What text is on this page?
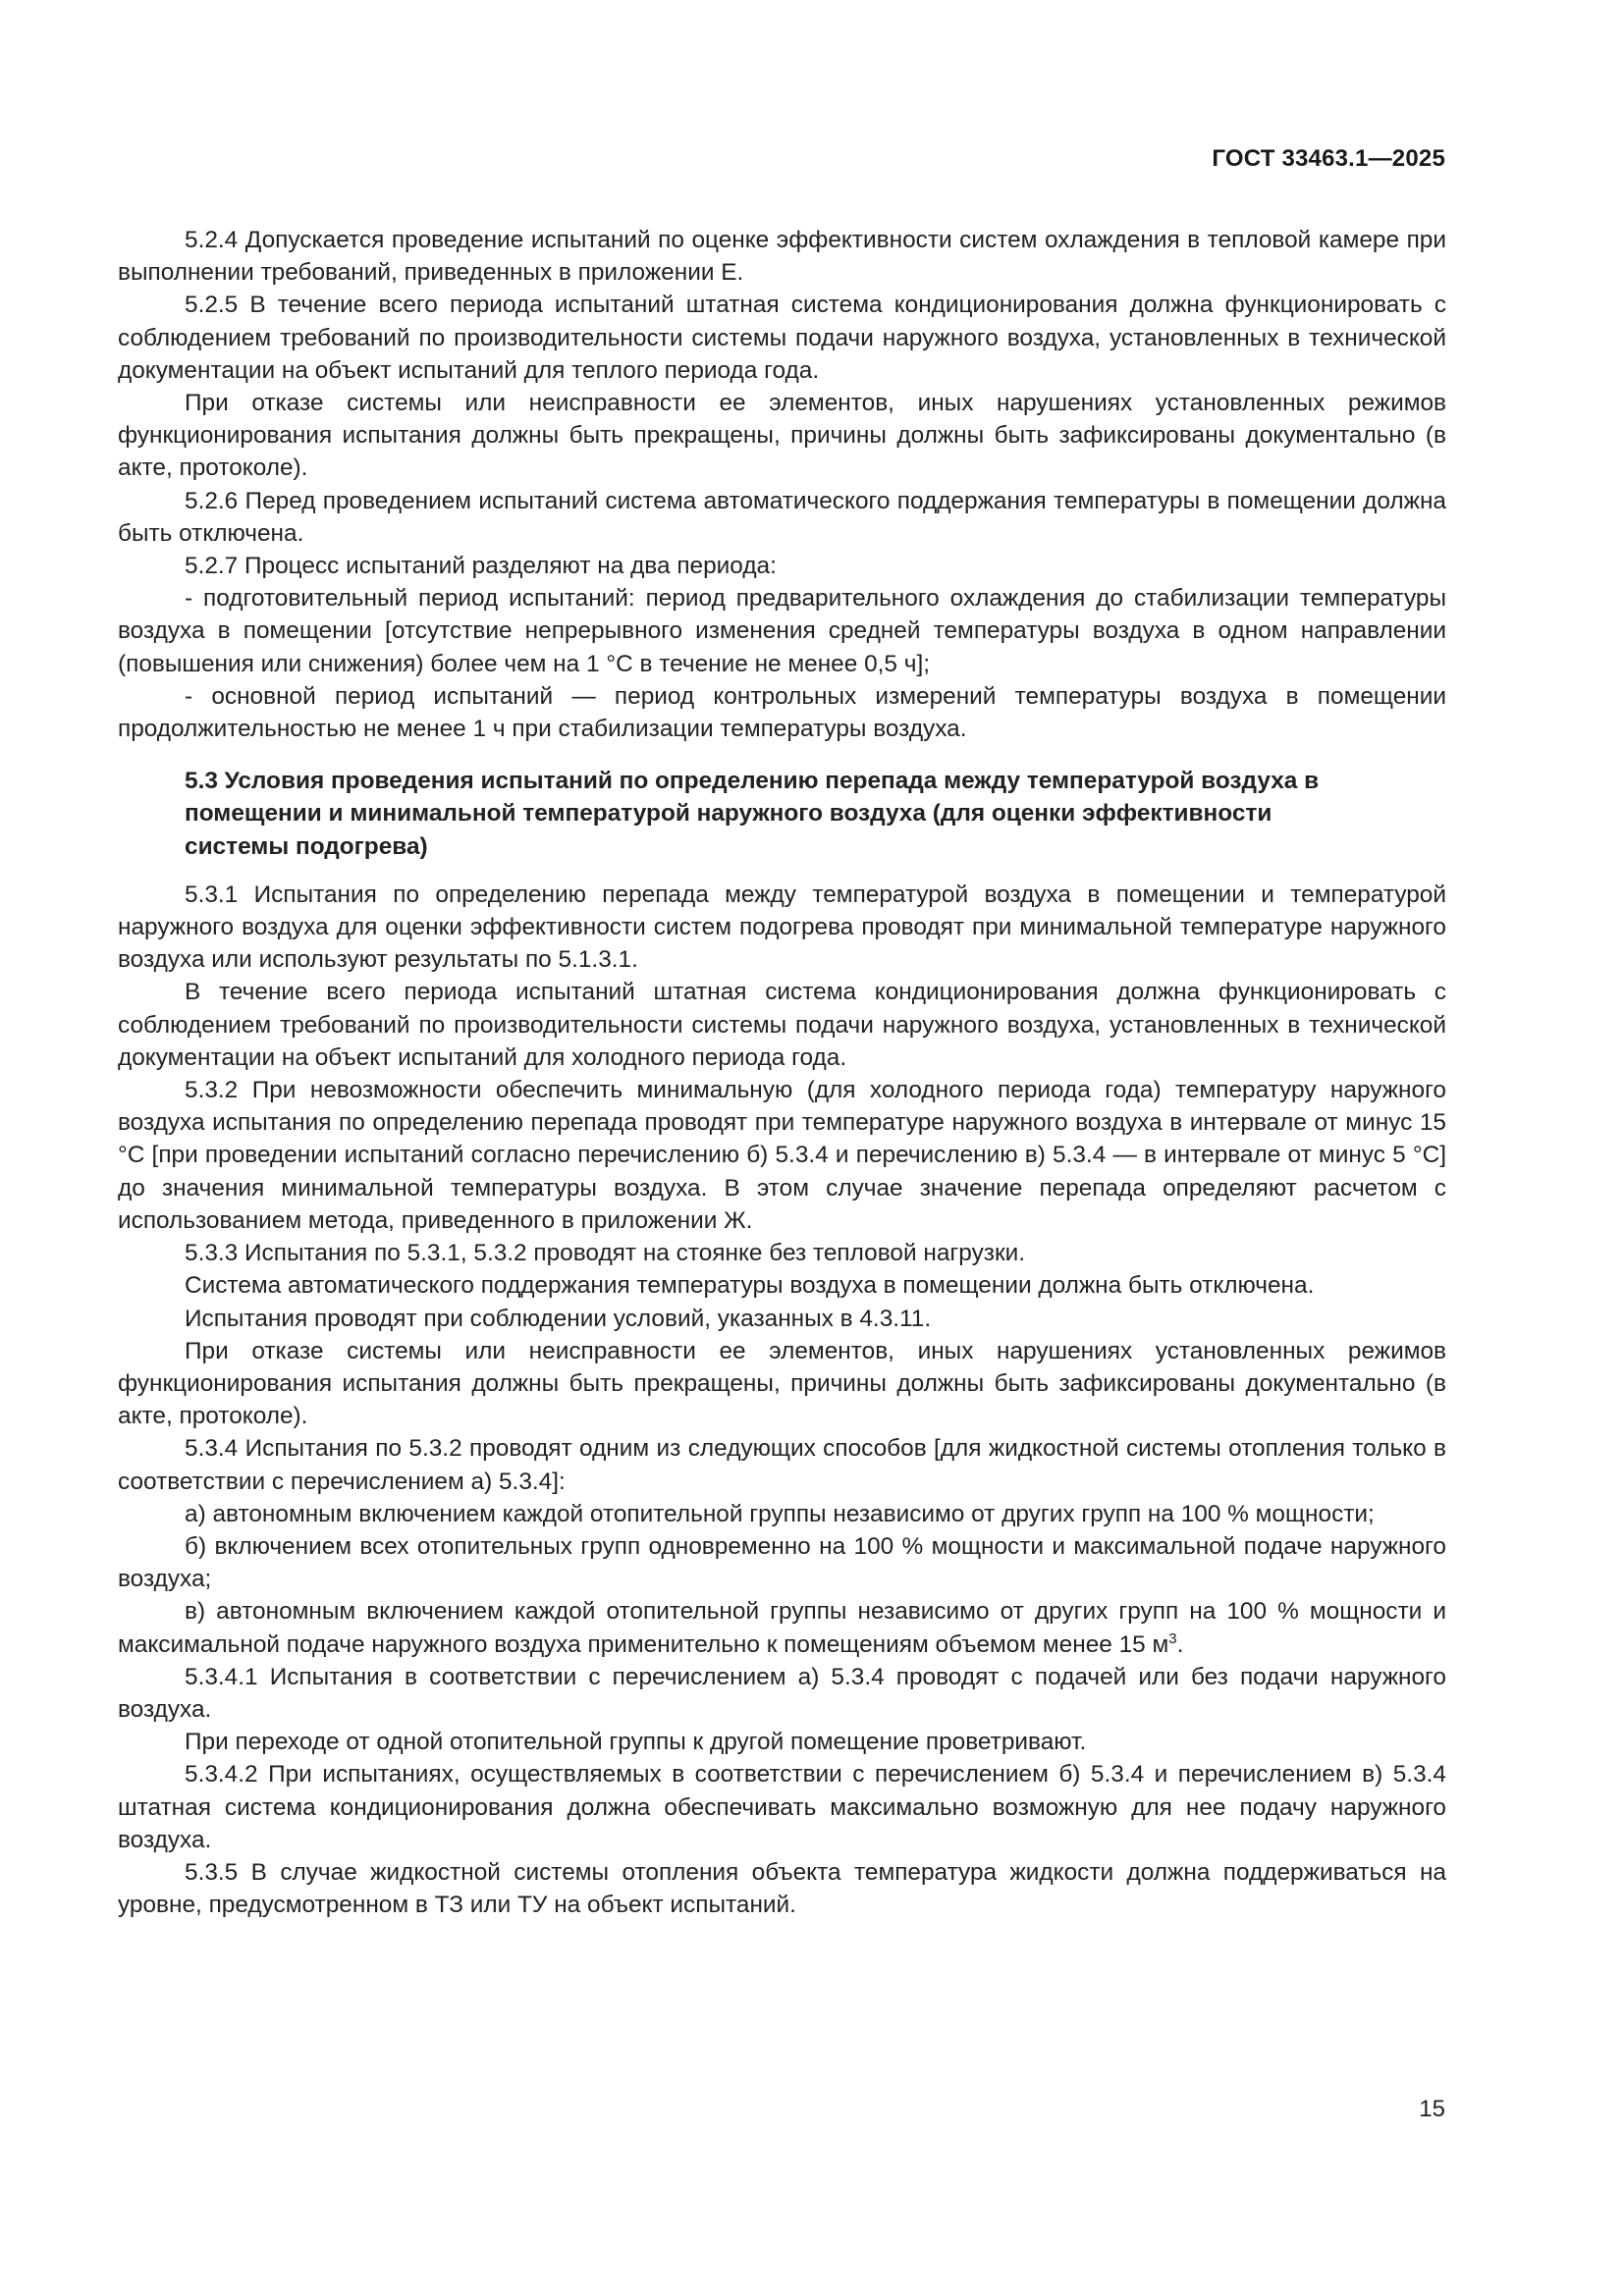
ГОСТ 33463.1—2025

5.2.4 Допускается проведение испытаний по оценке эффективности систем охлаждения в тепловой камере при выполнении требований, приведенных в приложении Е.

5.2.5 В течение всего периода испытаний штатная система кондиционирования должна функционировать с соблюдением требований по производительности системы подачи наружного воздуха, установленных в технической документации на объект испытаний для теплого периода года.

При отказе системы или неисправности ее элементов, иных нарушениях установленных режимов функционирования испытания должны быть прекращены, причины должны быть зафиксированы документально (в акте, протоколе).

5.2.6 Перед проведением испытаний система автоматического поддержания температуры в помещении должна быть отключена.

5.2.7 Процесс испытаний разделяют на два периода:

- подготовительный период испытаний: период предварительного охлаждения до стабилизации температуры воздуха в помещении [отсутствие непрерывного изменения средней температуры воздуха в одном направлении (повышения или снижения) более чем на 1 °С в течение не менее 0,5 ч];

- основной период испытаний — период контрольных измерений температуры воздуха в помещении продолжительностью не менее 1 ч при стабилизации температуры воздуха.

5.3 Условия проведения испытаний по определению перепада между температурой воздуха в помещении и минимальной температурой наружного воздуха (для оценки эффективности системы подогрева)

5.3.1 Испытания по определению перепада между температурой воздуха в помещении и температурой наружного воздуха для оценки эффективности систем подогрева проводят при минимальной температуре наружного воздуха или используют результаты по 5.1.3.1.

В течение всего периода испытаний штатная система кондиционирования должна функционировать с соблюдением требований по производительности системы подачи наружного воздуха, установленных в технической документации на объект испытаний для холодного периода года.

5.3.2 При невозможности обеспечить минимальную (для холодного периода года) температуру наружного воздуха испытания по определению перепада проводят при температуре наружного воздуха в интервале от минус 15 °С [при проведении испытаний согласно перечислению б) 5.3.4 и перечислению в) 5.3.4 — в интервале от минус 5 °С] до значения минимальной температуры воздуха. В этом случае значение перепада определяют расчетом с использованием метода, приведенного в приложении Ж.

5.3.3 Испытания по 5.3.1, 5.3.2 проводят на стоянке без тепловой нагрузки.

Система автоматического поддержания температуры воздуха в помещении должна быть отключена.

Испытания проводят при соблюдении условий, указанных в 4.3.11.

При отказе системы или неисправности ее элементов, иных нарушениях установленных режимов функционирования испытания должны быть прекращены, причины должны быть зафиксированы документально (в акте, протоколе).

5.3.4 Испытания по 5.3.2 проводят одним из следующих способов [для жидкостной системы отопления только в соответствии с перечислением а) 5.3.4]:

а) автономным включением каждой отопительной группы независимо от других групп на 100 % мощности;

б) включением всех отопительных групп одновременно на 100 % мощности и максимальной подаче наружного воздуха;

в) автономным включением каждой отопительной группы независимо от других групп на 100 % мощности и максимальной подаче наружного воздуха применительно к помещениям объемом менее 15 $м^3$.

5.3.4.1 Испытания в соответствии с перечислением а) 5.3.4 проводят с подачей или без подачи наружного воздуха.

При переходе от одной отопительной группы к другой помещение проветривают.

5.3.4.2 При испытаниях, осуществляемых в соответствии с перечислением б) 5.3.4 и перечислением в) 5.3.4 штатная система кондиционирования должна обеспечивать максимально возможную для нее подачу наружного воздуха.

5.3.5 В случае жидкостной системы отопления объекта температура жидкости должна поддерживаться на уровне, предусмотренном в ТЗ или ТУ на объект испытаний.

15
